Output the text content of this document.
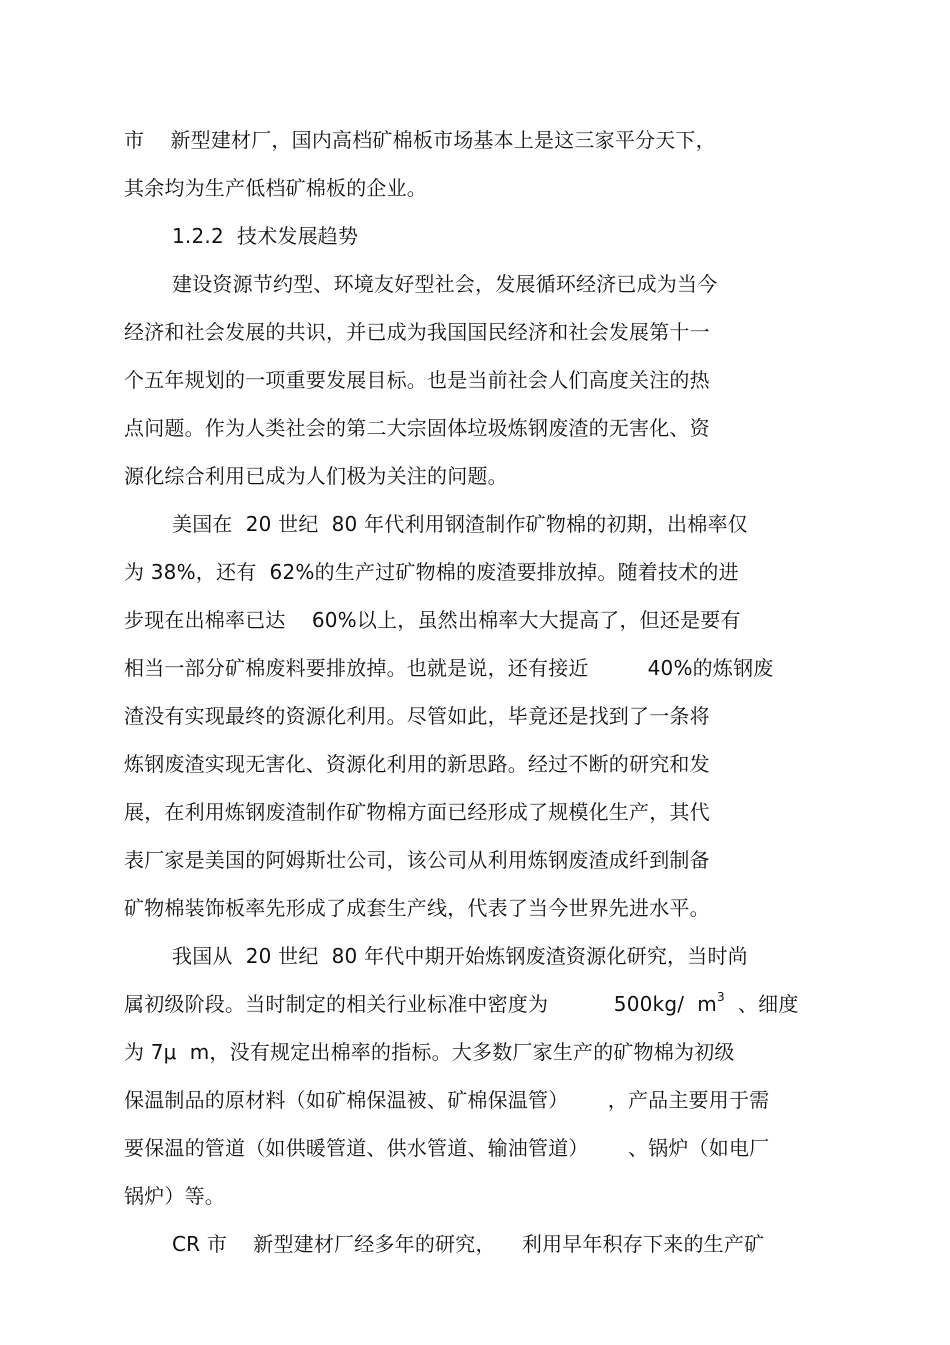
市    新型建材厂，国内高档矿棉板市场基本上是这三家平分天下，
其余均为生产低档矿棉板的企业。
1.2.2  技术发展趋势
建设资源节约型、环境友好型社会，发展循环经济已成为当今
经济和社会发展的共识，并已成为我国国民经济和社会发展第十一
个五年规划的一项重要发展目标。也是当前社会人们高度关注的热
点问题。作为人类社会的第二大宗固体垃圾炼钢废渣的无害化、资
源化综合利用已成为人们极为关注的问题。
美国在  20 世纪  80 年代利用钢渣制作矿物棉的初期，出棉率仅
为 38%，还有  62%的生产过矿物棉的废渣要排放掉。随着技术的进
步现在出棉率已达    60%以上，虽然出棉率大大提高了，但还是要有
相当一部分矿棉废料要排放掉。也就是说，还有接近         40%的炼钢废
渣没有实现最终的资源化利用。尽管如此，毕竟还是找到了一条将
炼钢废渣实现无害化、资源化利用的新思路。经过不断的研究和发
展，在利用炼钢废渣制作矿物棉方面已经形成了规模化生产，其代
表厂家是美国的阿姆斯壮公司，该公司从利用炼钢废渣成纤到制备
矿物棉装饰板率先形成了成套生产线，代表了当今世界先进水平。
我国从  20 世纪  80 年代中期开始炼钢废渣资源化研究，当时尚
属初级阶段。当时制定的相关行业标准中密度为          500kg/  $m^3$  、细度
为 7μ  m，没有规定出棉率的指标。大多数厂家生产的矿物棉为初级
保温制品的原材料（如矿棉保温被、矿棉保温管）      ，产品主要用于需
要保温的管道（如供暖管道、供水管道、输油管道）      、锅炉（如电厂
锅炉）等。
CR 市    新型建材厂经多年的研究，    利用早年积存下来的生产矿
